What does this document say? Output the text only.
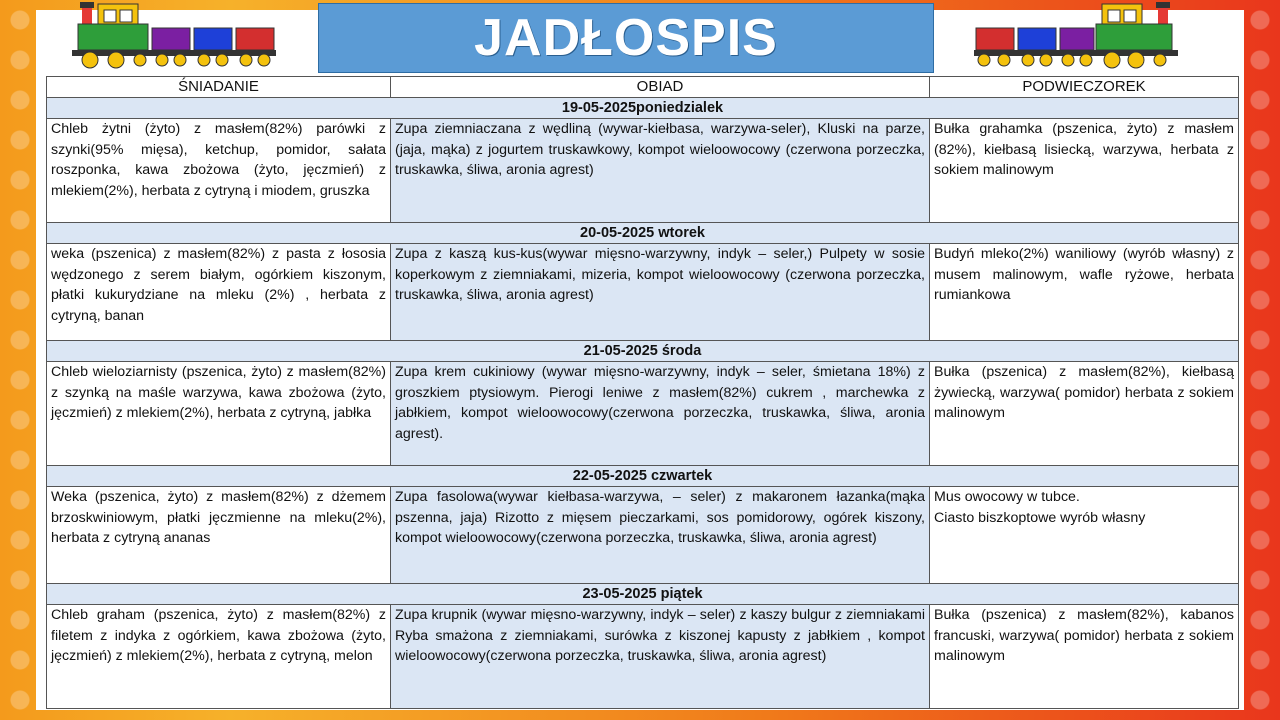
JADŁOSPIS
ŚNIADANIE	OBIAD	PODWIECZOREK
19-05-2025poniedzialek		
Chleb żytni (żyto) z masłem(82%) parówki z szynki(95% mięsa), ketchup, pomidor, sałata roszponka, kawa zbożowa (żyto, jęczmień) z mlekiem(2%), herbata z cytryną i miodem, gruszka	Zupa ziemniaczana z wędliną (wywar-kiełbasa, warzywa-seler), Kluski na parze, (jaja, mąka) z jogurtem truskawkowy, kompot wieloowocowy (czerwona porzeczka, truskawka, śliwa, aronia agrest)	Bułka grahamka (pszenica, żyto) z masłem (82%), kiełbasą lisiecką, warzywa, herbata z sokiem malinowym
20-05-2025 wtorek		
weka (pszenica) z masłem(82%) z pasta z łososia wędzonego z serem białym, ogórkiem kiszonym, płatki kukurydziane na mleku (2%) , herbata z cytryną, banan	Zupa z kaszą kus-kus(wywar mięsno-warzywny, indyk – seler,) Pulpety w sosie koperkowym z ziemniakami, mizeria, kompot wieloowocowy (czerwona porzeczka, truskawka, śliwa, aronia agrest)	Budyń mleko(2%) waniliowy (wyrób własny) z musem malinowym, wafle ryżowe, herbata rumiankowa
21-05-2025 środa		
Chleb wieloziarnisty (pszenica, żyto) z masłem(82%) z szynką na maśle warzywa, kawa zbożowa (żyto, jęczmień) z mlekiem(2%), herbata z cytryną, jabłka	Zupa krem cukiniowy (wywar mięsno-warzywny, indyk – seler, śmietana 18%) z groszkiem ptysiowym. Pierogi leniwe z masłem(82%) cukrem , marchewka z jabłkiem, kompot wieloowocowy(czerwona porzeczka, truskawka, śliwa, aronia agrest).	Bułka (pszenica) z masłem(82%), kiełbasą żywiecką, warzywa( pomidor) herbata z sokiem malinowym
22-05-2025 czwartek		
Weka (pszenica, żyto) z masłem(82%) z dżemem brzoskwiniowym, płatki jęczmienne na mleku(2%), herbata z cytryną ananas	Zupa fasolowa(wywar kiełbasa-warzywa, – seler) z makaronem łazanka(mąka pszenna, jaja) Rizotto z mięsem pieczarkami, sos pomidorowy, ogórek kiszony, kompot wieloowocowy(czerwona porzeczka, truskawka, śliwa, aronia agrest)	Mus owocowy w tubce.
Ciasto biszkoptowe wyrób własny

23-05-2025 piątek		
Chleb graham (pszenica, żyto) z masłem(82%) z filetem z indyka z ogórkiem, kawa zbożowa (żyto, jęczmień) z mlekiem(2%), herbata z cytryną, melon	Zupa krupnik (wywar mięsno-warzywny, indyk – seler) z kaszy bulgur z ziemniakami Ryba smażona z ziemniakami, surówka z kiszonej kapusty z jabłkiem , kompot wieloowocowy(czerwona porzeczka, truskawka, śliwa, aronia agrest)	Bułka (pszenica) z masłem(82%), kabanos francuski, warzywa( pomidor) herbata z sokiem malinowym
